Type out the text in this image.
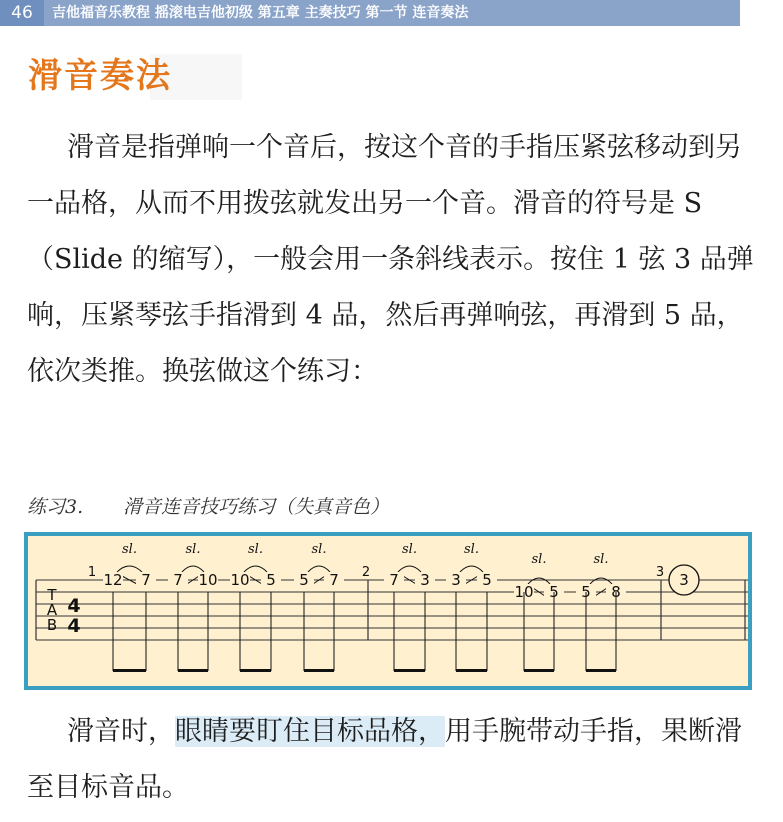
46	吉他福音乐教程 摇滚电吉他初级 第五章 主奏技巧 第一节 连音奏法
滑音奏法

滑音是指弹响一个音后，按这个音的手指压紧弦移动到另一品格，从而不用拨弦就发出另一个音。滑音的符号是 S（Slide 的缩写），一般会用一条斜线表示。按住 1 弦 3 品弹响，压紧琴弦手指滑到 4 品，然后再弹响弦，再滑到 5 品，依次类推。换弦做这个练习：

练习3. 滑音连音技巧练习（失真音色）
T
A
B
4
4
1	2	3
sl.
12 7
sl.
7 10
sl.
10 5
sl.
5 7
sl.
7 3
sl.
3 5
sl.
10 5
sl.
5 8
3

滑音时，眼睛要盯住目标品格，用手腕带动手指，果断滑至目标音品。
